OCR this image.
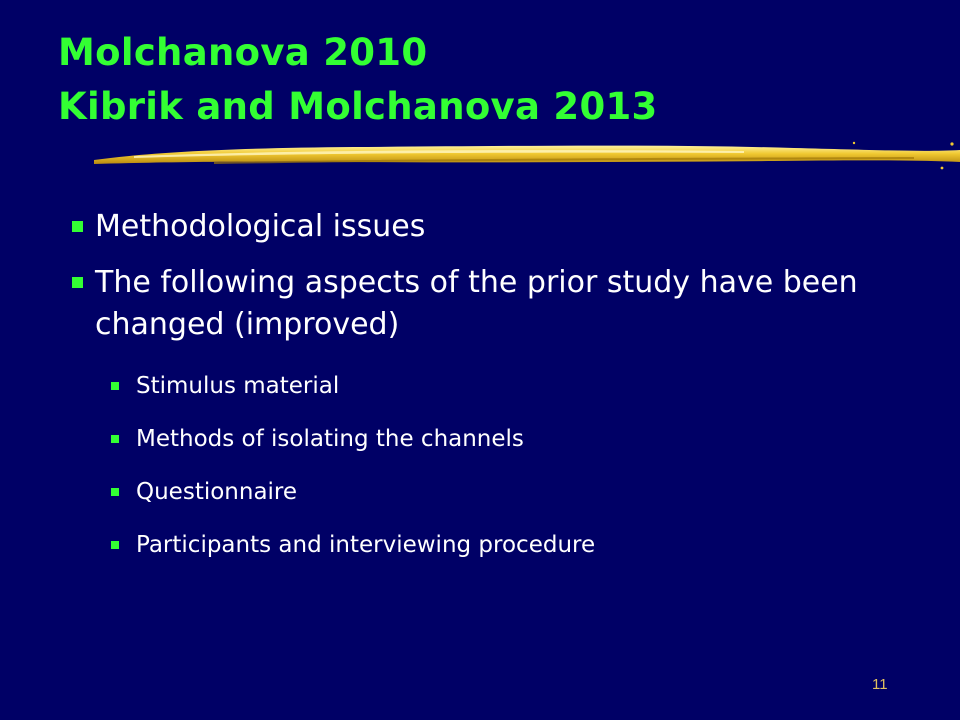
Molchanova 2010
Kibrik and Molchanova 2013
Methodological issues
The following aspects of the prior study have been changed (improved)
Stimulus material
Methods of isolating the channels
Questionnaire
Participants and interviewing procedure
11
